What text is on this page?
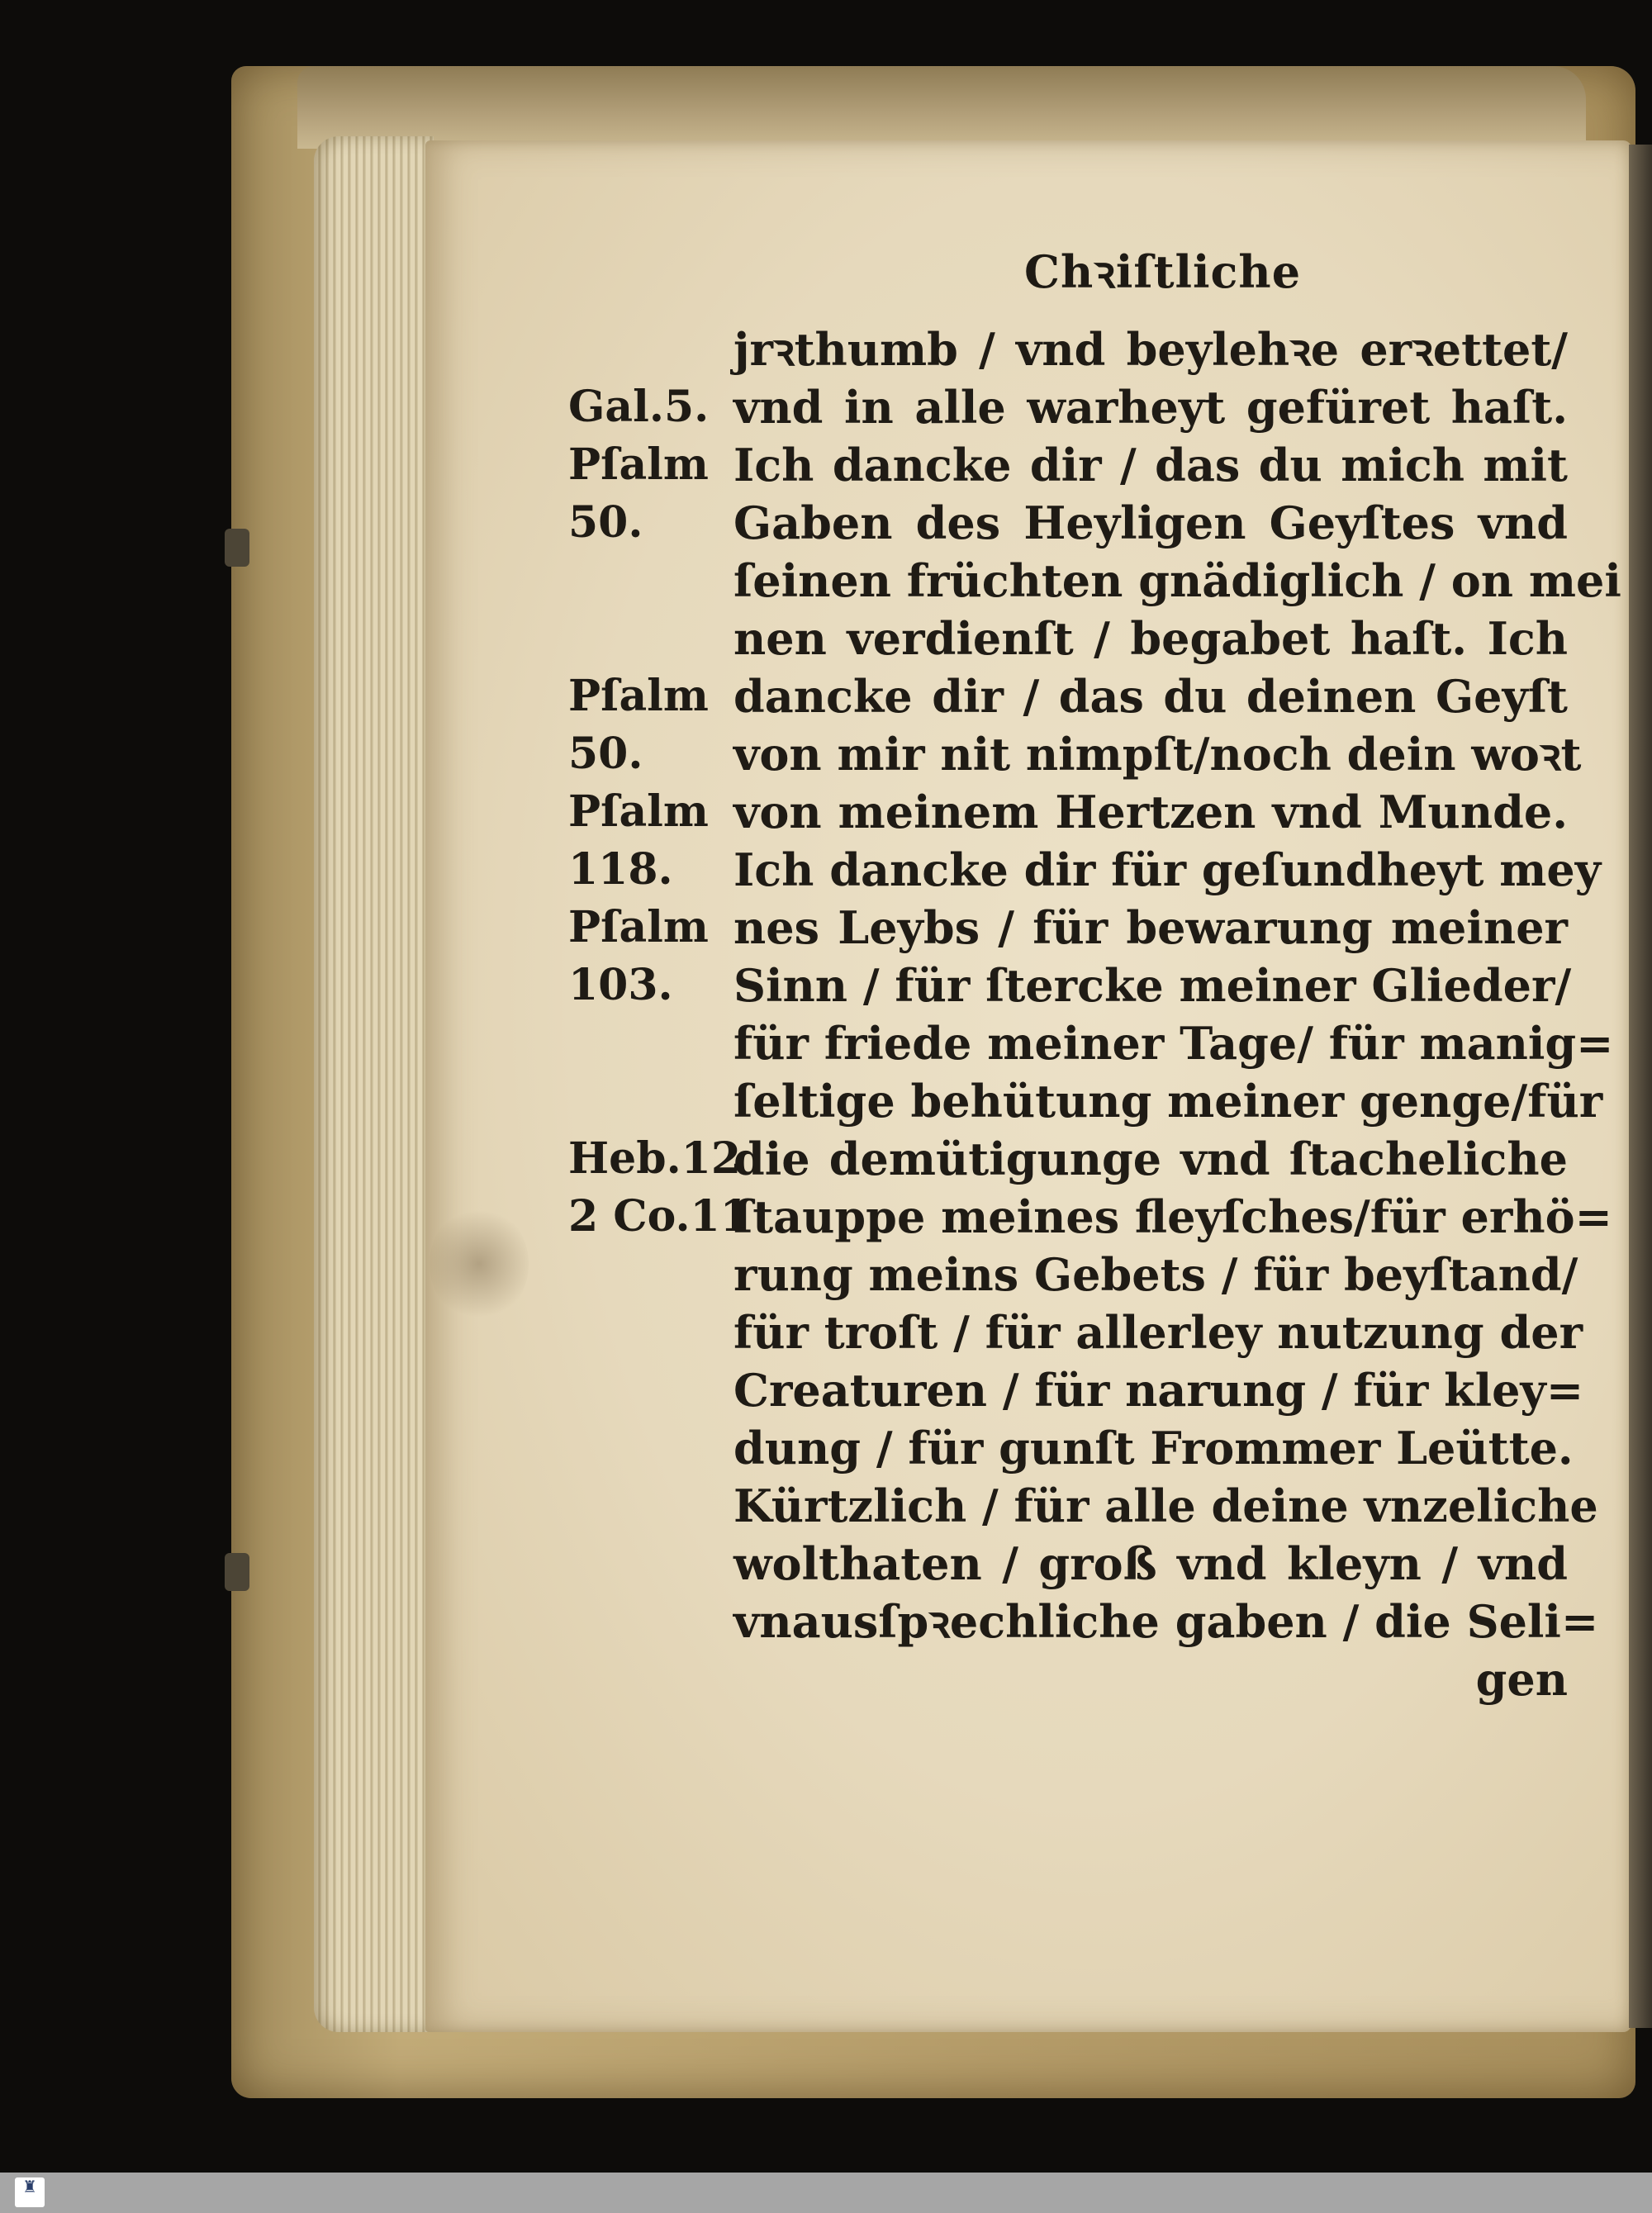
Chꝛiſtliche
jrꝛthumb / vnd beylehꝛe erꝛettet/
vnd in alle warheyt gefüret haſt.
Ich dancke dir / das du mich mit
Gaben des Heyligen Geyſtes vnd
ſeinen früchten gnädiglich / on mei
nen verdienſt / begabet haſt. Ich
dancke dir / das du deinen Geyſt
von mir nit nimpſt/noch dein woꝛt
von meinem Hertzen vnd Munde.
Ich dancke dir für geſundheyt mey
nes Leybs / für bewarung meiner
Sinn / für ſtercke meiner Glieder/
für friede meiner Tage/ für manig=
ſeltige behütung meiner genge/für
die demütigunge vnd ſtacheliche
ſtauppe meines fleyſches/für erhö=
rung meins Gebets / für beyſtand/
für troſt / für allerley nutzung der
Creaturen / für narung / für kley=
dung / für gunſt Frommer Leütte.
Kürtzlich / für alle deine vnzeliche
wolthaten / groß vnd kleyn / vnd
vnausſpꝛechliche gaben / die Seli=
gen
Gal.5.
Pſalm
50.
Pſalm
50.
Pſalm
118.
Pſalm
103.
Heb.12
2 Co.11
♜
